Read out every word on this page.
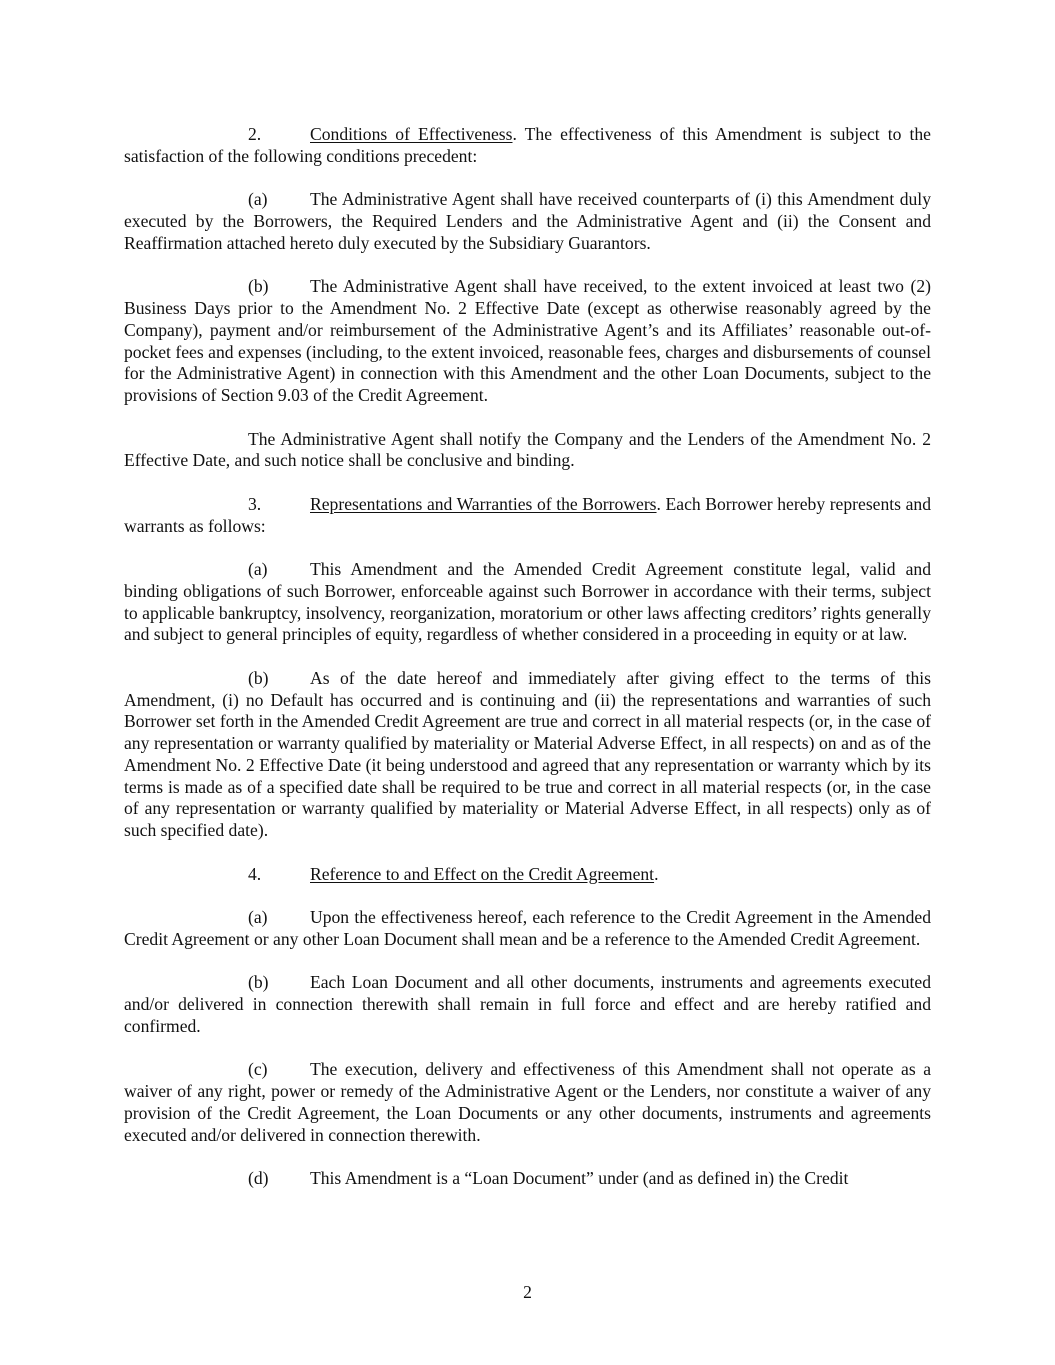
2.	Conditions of Effectiveness. The effectiveness of this Amendment is subject to the satisfaction of the following conditions precedent:

(a) The Administrative Agent shall have received counterparts of (i) this Amendment duly executed by the Borrowers, the Required Lenders and the Administrative Agent and (ii) the Consent and Reaffirmation attached hereto duly executed by the Subsidiary Guarantors.

(b) The Administrative Agent shall have received, to the extent invoiced at least two (2) Business Days prior to the Amendment No. 2 Effective Date (except as otherwise reasonably agreed by the Company), payment and/or reimbursement of the Administrative Agent’s and its Affiliates’ reasonable out-of-pocket fees and expenses (including, to the extent invoiced, reasonable fees, charges and disbursements of counsel for the Administrative Agent) in connection with this Amendment and the other Loan Documents, subject to the provisions of Section 9.03 of the Credit Agreement.

The Administrative Agent shall notify the Company and the Lenders of the Amendment No. 2 Effective Date, and such notice shall be conclusive and binding.

3.	Representations and Warranties of the Borrowers. Each Borrower hereby represents and warrants as follows:

(a) This Amendment and the Amended Credit Agreement constitute legal, valid and binding obligations of such Borrower, enforceable against such Borrower in accordance with their terms, subject to applicable bankruptcy, insolvency, reorganization, moratorium or other laws affecting creditors’ rights generally and subject to general principles of equity, regardless of whether considered in a proceeding in equity or at law.

(b) As of the date hereof and immediately after giving effect to the terms of this Amendment, (i) no Default has occurred and is continuing and (ii) the representations and warranties of such Borrower set forth in the Amended Credit Agreement are true and correct in all material respects (or, in the case of any representation or warranty qualified by materiality or Material Adverse Effect, in all respects) on and as of the Amendment No. 2 Effective Date (it being understood and agreed that any representation or warranty which by its terms is made as of a specified date shall be required to be true and correct in all material respects (or, in the case of any representation or warranty qualified by materiality or Material Adverse Effect, in all respects) only as of such specified date).

4.	Reference to and Effect on the Credit Agreement.

(a) Upon the effectiveness hereof, each reference to the Credit Agreement in the Amended Credit Agreement or any other Loan Document shall mean and be a reference to the Amended Credit Agreement.

(b) Each Loan Document and all other documents, instruments and agreements executed and/or delivered in connection therewith shall remain in full force and effect and are hereby ratified and confirmed.

(c) The execution, delivery and effectiveness of this Amendment shall not operate as a waiver of any right, power or remedy of the Administrative Agent or the Lenders, nor constitute a waiver of any provision of the Credit Agreement, the Loan Documents or any other documents, instruments and agreements executed and/or delivered in connection therewith.

(d) This Amendment is a “Loan Document” under (and as defined in) the Credit

2
